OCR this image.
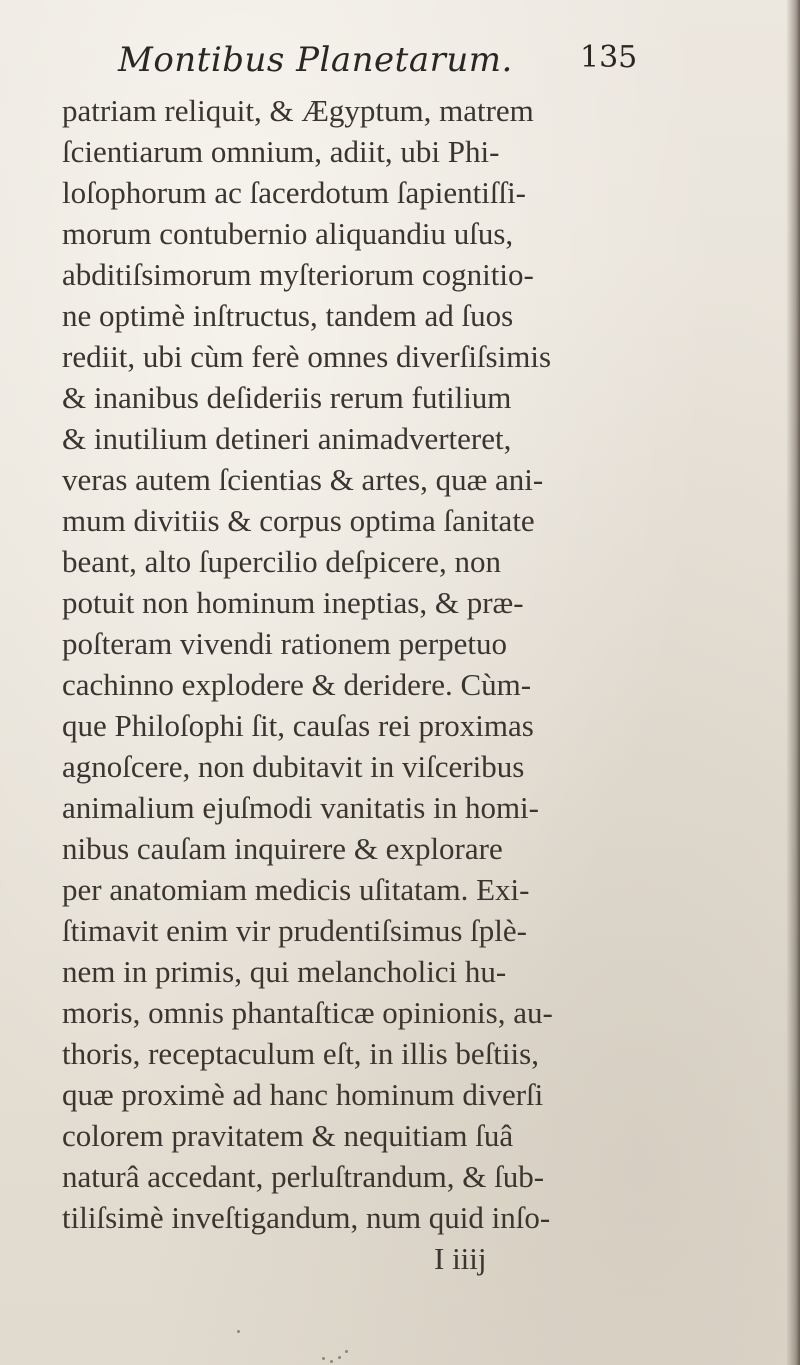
Montibus Planetarum. 135
patriam reliquit, & Ægyptum, matrem
ſcientiarum omnium, adiit, ubi Phi-
loſophorum ac ſacerdotum ſapientiſſi-
morum contubernio aliquandiu uſus,
abditiſsimorum myſteriorum cognitio-
ne optimè inſtructus, tandem ad ſuos
rediit, ubi cùm ferè omnes diverſiſsimis
& inanibus deſideriis rerum futilium
& inutilium detineri animadverteret,
veras autem ſcientias & artes, quæ ani-
mum divitiis & corpus optima ſanitate
beant, alto ſupercilio deſpicere, non
potuit non hominum ineptias, & præ-
poſteram vivendi rationem perpetuo
cachinno explodere & deridere. Cùm-
que Philoſophi ſit, cauſas rei proximas
agnoſcere, non dubitavit in viſceribus
animalium ejuſmodi vanitatis in homi-
nibus cauſam inquirere & explorare
per anatomiam medicis uſitatam. Exi-
ſtimavit enim vir prudentiſsimus ſplè-
nem in primis, qui melancholici hu-
moris, omnis phantaſticæ opinionis, au-
thoris, receptaculum eſt, in illis beſtiis,
quæ proximè ad hanc hominum diverſi
colorem pravitatem & nequitiam ſuâ
naturâ accedant, perluſtrandum, & ſub-
tiliſsimè inveſtigandum, num quid inſo-
I iiij
